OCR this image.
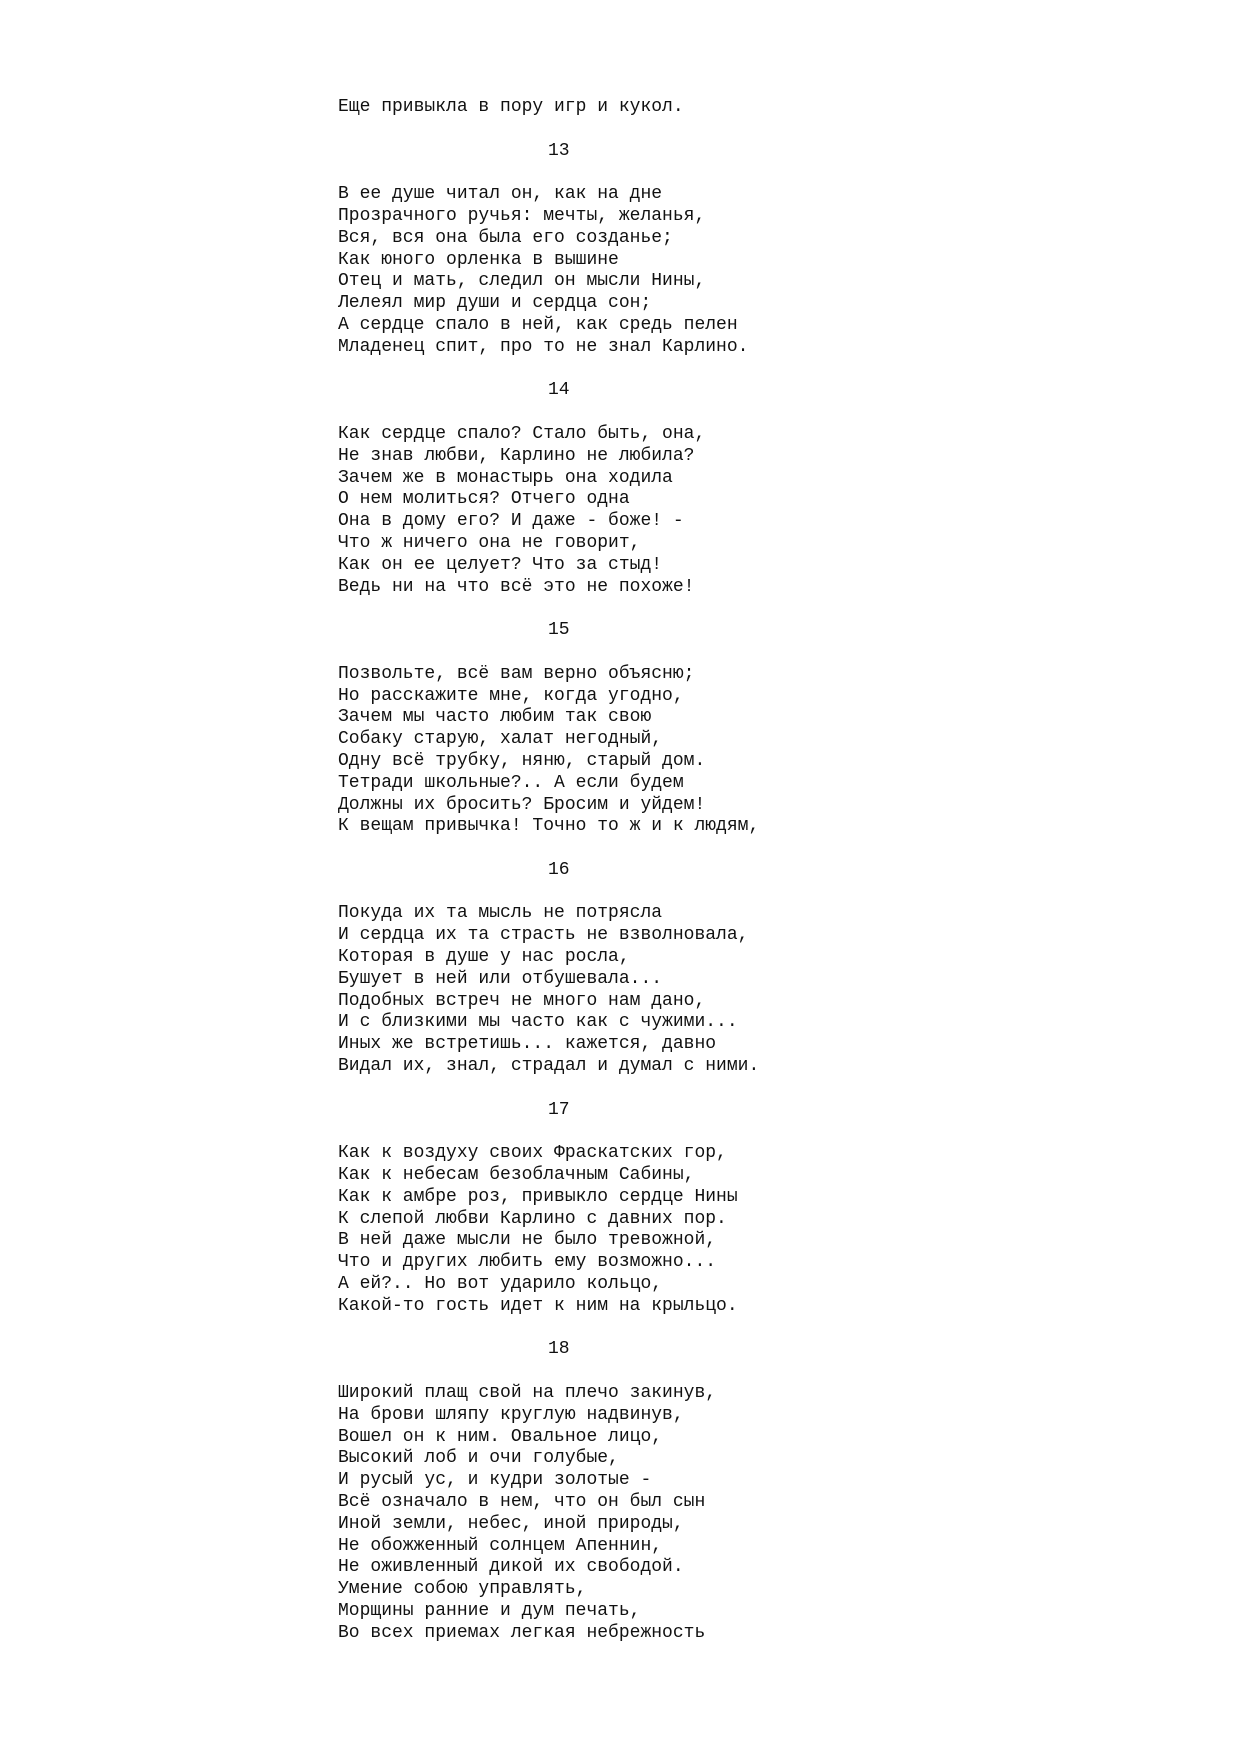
Еще привыкла в пору игр и кукол.
13
В ее душе читал он, как на дне
Прозрачного ручья: мечты, желанья,
Вся, вся она была его созданье;
Как юного орленка в вышине
Отец и мать, следил он мысли Нины,
Лелеял мир души и сердца сон;
А сердце спало в ней, как средь пелен
Младенец спит, про то не знал Карлино.
14
Как сердце спало? Стало быть, она,
Не знав любви, Карлино не любила?
Зачем же в монастырь она ходила
О нем молиться? Отчего одна
Она в дому его? И даже - боже! -
Что ж ничего она не говорит,
Как он ее целует? Что за стыд!
Ведь ни на что всё это не похоже!
15
Позвольте, всё вам верно объясню;
Но расскажите мне, когда угодно,
Зачем мы часто любим так свою
Собаку старую, халат негодный,
Одну всё трубку, няню, старый дом.
Тетради школьные?.. А если будем
Должны их бросить? Бросим и уйдем!
К вещам привычка! Точно то ж и к людям,
16
Покуда их та мысль не потрясла
И сердца их та страсть не взволновала,
Которая в душе у нас росла,
Бушует в ней или отбушевала...
Подобных встреч не много нам дано,
И с близкими мы часто как с чужими...
Иных же встретишь... кажется, давно
Видал их, знал, страдал и думал с ними.
17
Как к воздуху своих Фраскатских гор,
Как к небесам безоблачным Сабины,
Как к амбре роз, привыкло сердце Нины
К слепой любви Карлино с давних пор.
В ней даже мысли не было тревожной,
Что и других любить ему возможно...
А ей?.. Но вот ударило кольцо,
Какой-то гость идет к ним на крыльцо.
18
Широкий плащ свой на плечо закинув,
На брови шляпу круглую надвинув,
Вошел он к ним. Овальное лицо,
Высокий лоб и очи голубые,
И русый ус, и кудри золотые -
Всё означало в нем, что он был сын
Иной земли, небес, иной природы,
Не обожженный солнцем Апеннин,
Не оживленный дикой их свободой.
Умение собою управлять,
Морщины ранние и дум печать,
Во всех приемах легкая небрежность
